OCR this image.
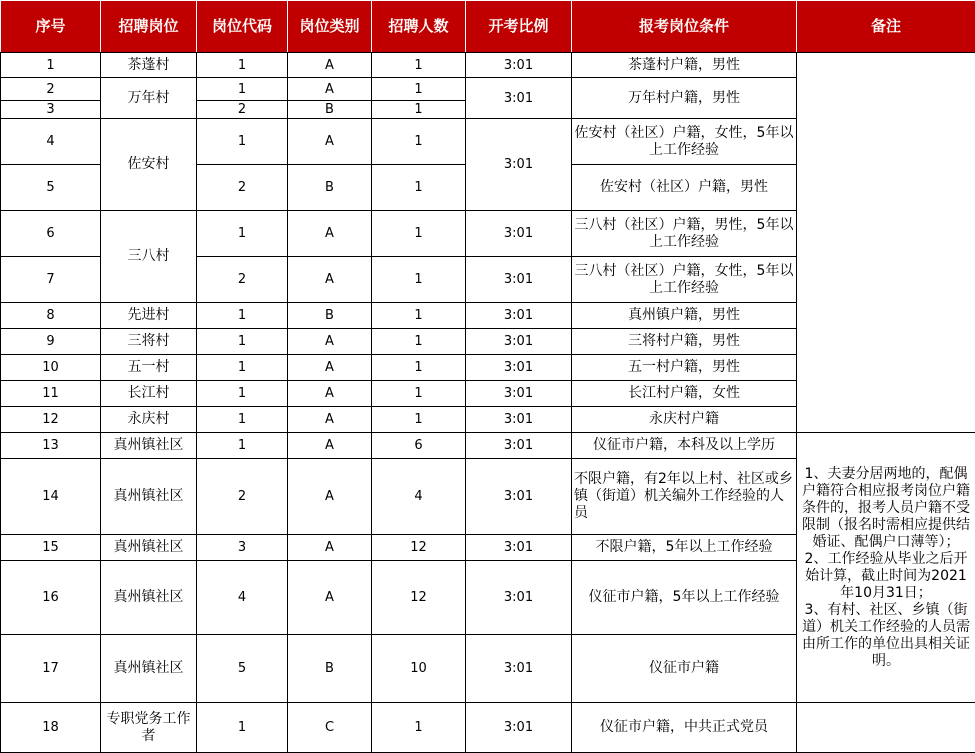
序号	招聘岗位	岗位代码	岗位类别	招聘人数	开考比例	报考岗位条件	备注
1	茶蓬村	1	A	1	3:01	茶蓬村户籍，男性	
2	万年村	1	A	1	3:01	万年村户籍，男性	
3		2	B	1			
4	佐安村	1	A	1	3:01	佐安村（社区）户籍，女性，5年以上工作经验	
5		2	B	1		佐安村（社区）户籍，男性	
6	三八村	1	A	1	3:01	三八村（社区）户籍，男性，5年以上工作经验	
7		2	A	1	3:01	三八村（社区）户籍，女性，5年以上工作经验	
8	先进村	1	B	1	3:01	真州镇户籍，男性	
9	三将村	1	A	1	3:01	三将村户籍，男性	
10	五一村	1	A	1	3:01	五一村户籍，男性	
11	长江村	1	A	1	3:01	长江村户籍，女性	
12	永庆村	1	A	1	3:01	永庆村户籍	
13	真州镇社区	1	A	6	3:01	仪征市户籍，本科及以上学历	1、夫妻分居两地的，配偶户籍符合相应报考岗位户籍条件的，报考人员户籍不受限制（报名时需相应提供结婚证、配偶户口薄等）；
2、工作经验从毕业之后开始计算，截止时间为2021年10月31日；
3、有村、社区、乡镇（街道）机关工作经验的人员需由所工作的单位出具相关证明。
14	真州镇社区	2	A	4	3:01	不限户籍，有2年以上村、社区或乡镇（街道）机关编外工作经验的人员	
15	真州镇社区	3	A	12	3:01	不限户籍，5年以上工作经验	
16	真州镇社区	4	A	12	3:01	仪征市户籍，5年以上工作经验	
17	真州镇社区	5	B	10	3:01	仪征市户籍	
18	专职党务工作者	1	C	1	3:01	仪征市户籍，中共正式党员	
